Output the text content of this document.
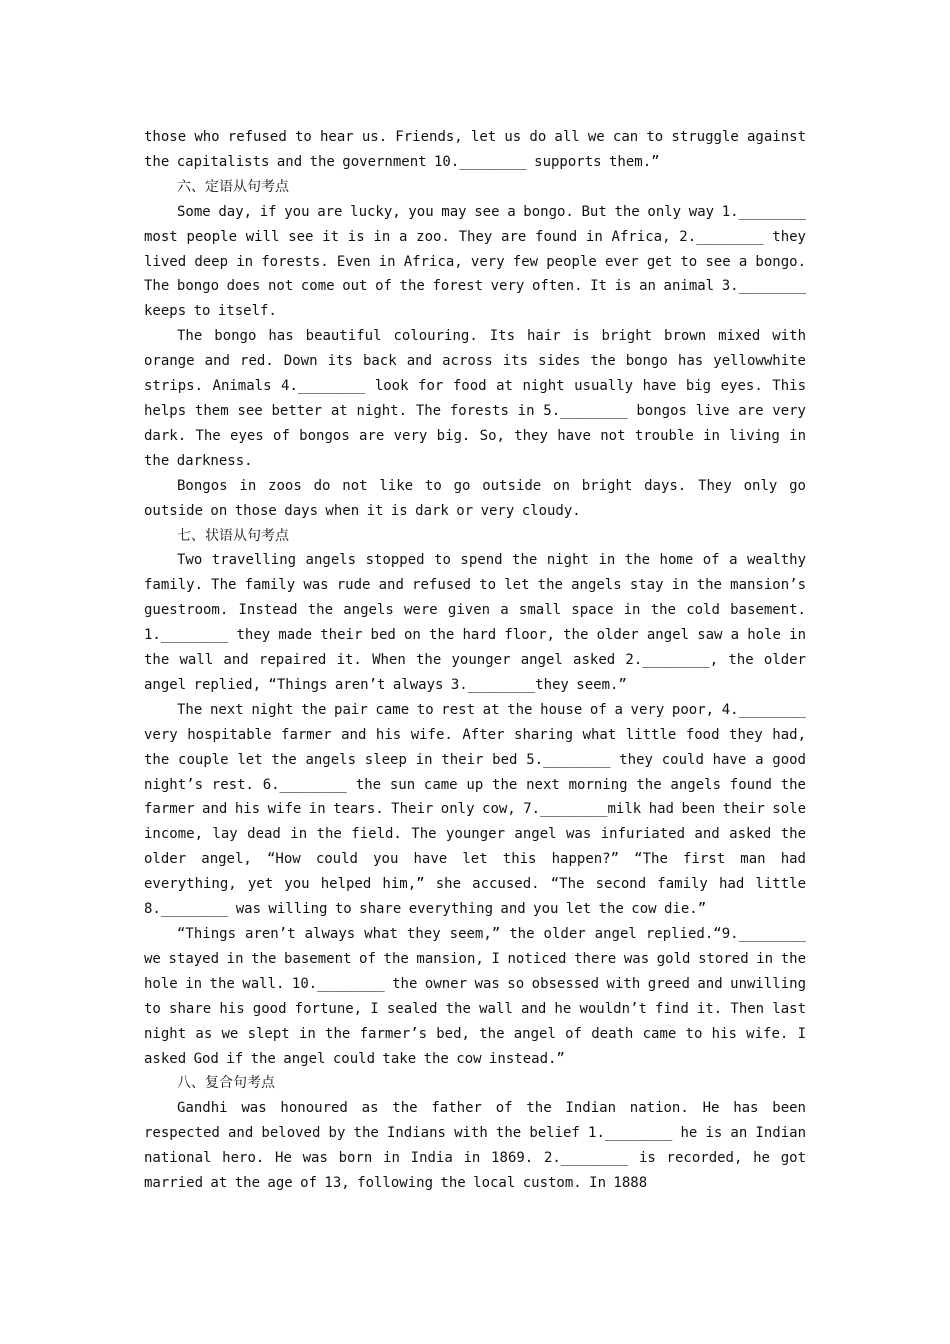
those who refused to hear us. Friends, let us do all we can to struggle against the capitalists and the government 10.________ supports them.”

六、定语从句考点

Some day, if you are lucky, you may see a bongo. But the only way 1.________ most people will see it is in a zoo. They are found in Africa, 2.________ they lived deep in forests. Even in Africa, very few people ever get to see a bongo. The bongo does not come out of the forest very often. It is an animal 3.________ keeps to itself.

The bongo has beautiful colouring. Its hair is bright brown mixed with orange and red. Down its back and across its sides the bongo has yellowwhite strips. Animals 4.________ look for food at night usually have big eyes. This helps them see better at night. The forests in 5.________ bongos live are very dark. The eyes of bongos are very big. So, they have not trouble in living in the darkness.

Bongos in zoos do not like to go outside on bright days. They only go outside on those days when it is dark or very cloudy.

七、状语从句考点

Two travelling angels stopped to spend the night in the home of a wealthy family. The family was rude and refused to let the angels stay in the mansion’s guestroom. Instead the angels were given a small space in the cold basement. 1.________ they made their bed on the hard floor, the older angel saw a hole in the wall and repaired it. When the younger angel asked 2.________, the older angel replied, “Things aren’t always 3.________they seem.”

The next night the pair came to rest at the house of a very poor, 4.________ very hospitable farmer and his wife. After sharing what little food they had, the couple let the angels sleep in their bed 5.________ they could have a good night’s rest. 6.________ the sun came up the next morning the angels found the farmer and his wife in tears. Their only cow, 7.________milk had been their sole income, lay dead in the field. The younger angel was infuriated and asked the older angel, “How could you have let this happen?” “The first man had everything, yet you helped him,” she accused. “The second family had little 8.________ was willing to share everything and you let the cow die.”

“Things aren’t always what they seem,” the older angel replied.“9.________ we stayed in the basement of the mansion, I noticed there was gold stored in the hole in the wall. 10.________ the owner was so obsessed with greed and unwilling to share his good fortune, I sealed the wall and he wouldn’t find it. Then last night as we slept in the farmer’s bed, the angel of death came to his wife. I asked God if the angel could take the cow instead.”

八、复合句考点

Gandhi was honoured as the father of the Indian nation. He has been respected and beloved by the Indians with the belief 1.________ he is an Indian national hero. He was born in India in 1869. 2.________ is recorded, he got married at the age of 13, following the local custom. In 1888
